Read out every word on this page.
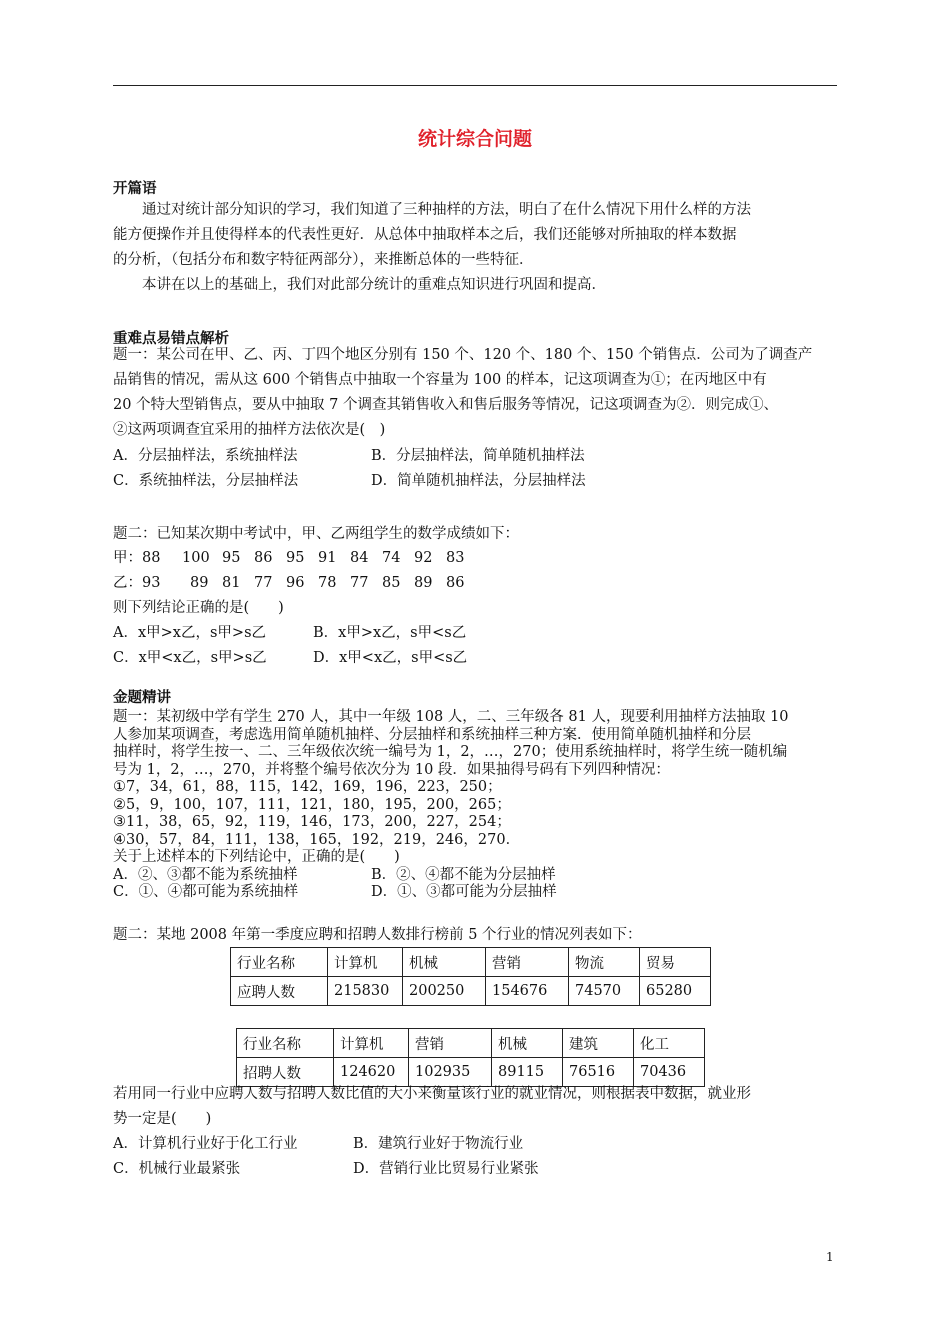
统计综合问题
开篇语
　　通过对统计部分知识的学习，我们知道了三种抽样的方法，明白了在什么情况下用什么样的方法
能方便操作并且使得样本的代表性更好．从总体中抽取样本之后，我们还能够对所抽取的样本数据
的分析，（包括分布和数字特征两部分），来推断总体的一些特征．
　　本讲在以上的基础上，我们对此部分统计的重难点知识进行巩固和提高．
重难点易错点解析
题一：某公司在甲、乙、丙、丁四个地区分别有 150 个、120 个、180 个、150 个销售点．公司为了调查产
品销售的情况，需从这 600 个销售点中抽取一个容量为 100 的样本，记这项调查为①；在丙地区中有
20 个特大型销售点，要从中抽取 7 个调查其销售收入和售后服务等情况，记这项调查为②．则完成①、
②这两项调查宜采用的抽样方法依次是(　)
A．分层抽样法，系统抽样法	B．分层抽样法，简单随机抽样法
C．系统抽样法，分层抽样法	D．简单随机抽样法，分层抽样法
题二：已知某次期中考试中，甲、乙两组学生的数学成绩如下：
甲：88 100 95 86 95 91 84 74 92 83
乙：93 89 81 77 96 78 77 85 89 86
则下列结论正确的是(　　)
A．x甲>x乙，s甲>s乙	B．x甲>x乙，s甲<s乙
C．x甲<x乙，s甲>s乙	D．x甲<x乙，s甲<s乙
金题精讲
题一：某初级中学有学生 270 人，其中一年级 108 人，二、三年级各 81 人，现要利用抽样方法抽取 10
人参加某项调查，考虑选用简单随机抽样、分层抽样和系统抽样三种方案．使用简单随机抽样和分层
抽样时，将学生按一、二、三年级依次统一编号为 1，2，…，270；使用系统抽样时，将学生统一随机编
号为 1，2，…，270，并将整个编号依次分为 10 段．如果抽得号码有下列四种情况：
①7，34，61，88，115，142，169，196，223，250；
②5，9，100，107，111，121，180，195，200，265；
③11，38，65，92，119，146，173，200，227，254；
④30，57，84，111，138，165，192，219，246，270．
关于上述样本的下列结论中，正确的是(　　)
A．②、③都不能为系统抽样	B．②、④都不能为分层抽样
C．①、④都可能为系统抽样	D．①、③都可能为分层抽样
题二：某地 2008 年第一季度应聘和招聘人数排行榜前 5 个行业的情况列表如下：
行业名称	计算机	机械	营销	物流	贸易
应聘人数	215830	200250	154676	74570	65280
行业名称	计算机	营销	机械	建筑	化工
招聘人数	124620	102935	89115	76516	70436
若用同一行业中应聘人数与招聘人数比值的大小来衡量该行业的就业情况，则根据表中数据，就业形
势一定是(　　)
A．计算机行业好于化工行业	B．建筑行业好于物流行业
C．机械行业最紧张	D．营销行业比贸易行业紧张
1
